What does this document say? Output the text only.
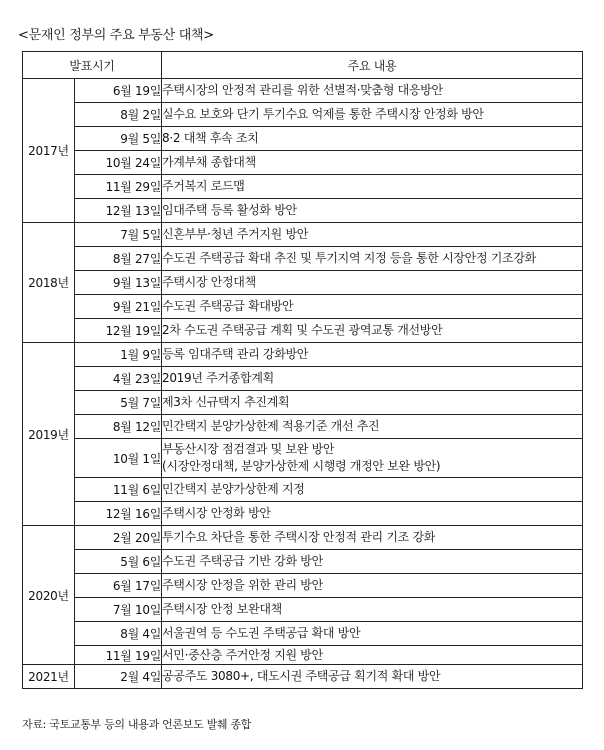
<문재인 정부의 주요 부동산 대책>
발표시기		주요 내용
2017년	6월 19일	주택시장의 안정적 관리를 위한 선별적·맞춤형 대응방안
	8월 2일	실수요 보호와 단기 투기수요 억제를 통한 주택시장 안정화 방안
	9월 5일	8·2 대책 후속 조치
	10월 24일	가계부채 종합대책
	11월 29일	주거복지 로드맵
	12월 13일	임대주택 등록 활성화 방안
2018년	7월 5일	신혼부부·청년 주거지원 방안
	8월 27일	수도권 주택공급 확대 추진 및 투기지역 지정 등을 통한 시장안정 기조강화
	9월 13일	주택시장 안정대책
	9월 21일	수도권 주택공급 확대방안
	12월 19일	2차 수도권 주택공급 계획 및 수도권 광역교통 개선방안
2019년	1월 9일	등록 임대주택 관리 강화방안
	4월 23일	2019년 주거종합계획
	5월 7일	제3차 신규택지 추진계획
	8월 12일	민간택지 분양가상한제 적용기준 개선 추진
	10월 1일	부동산시장 점검결과 및 보완 방안
(시장안정대책, 분양가상한제 시행령 개정안 보완 방안)

	11월 6일	민간택지 분양가상한제 지정
	12월 16일	주택시장 안정화 방안
2020년	2월 20일	투기수요 차단을 통한 주택시장 안정적 관리 기조 강화
	5월 6일	수도권 주택공급 기반 강화 방안
	6월 17일	주택시장 안정을 위한 관리 방안
	7월 10일	주택시장 안정 보완대책
	8월 4일	서울권역 등 수도권 주택공급 확대 방안
	11월 19일	서민·중산층 주거안정 지원 방안
2021년	2월 4일	공공주도 3080+, 대도시권 주택공급 획기적 확대 방안
자료: 국토교통부 등의 내용과 언론보도 발췌 종합
